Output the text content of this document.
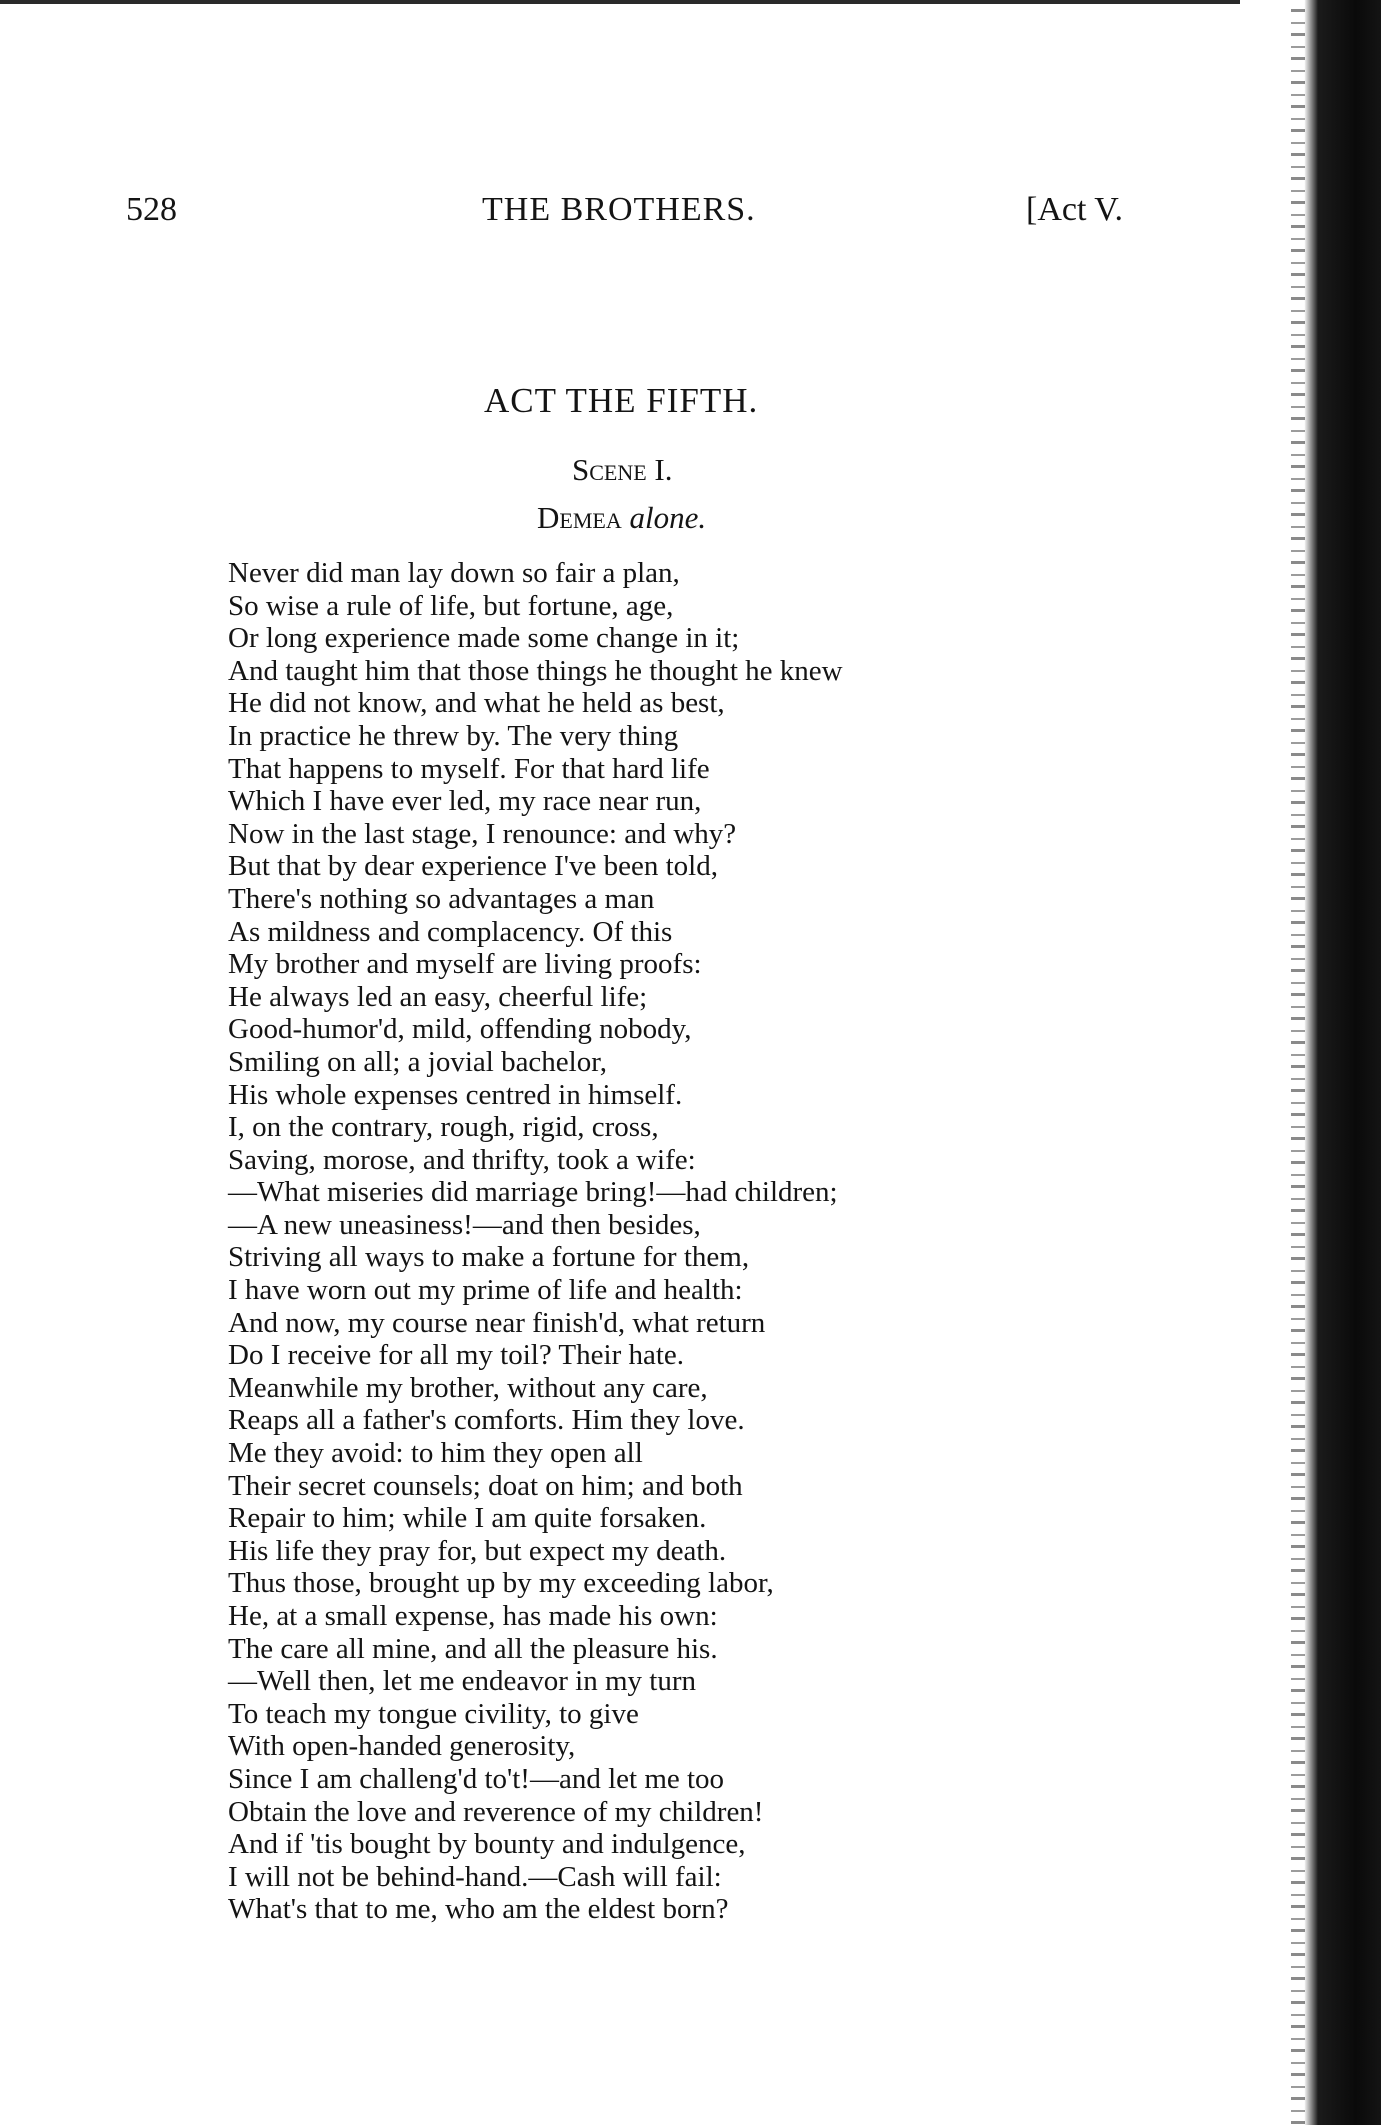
528	THE BROTHERS.	[Act V.
ACT THE FIFTH.
Scene I.
Demea alone.
Never did man lay down so fair a plan,
So wise a rule of life, but fortune, age,
Or long experience made some change in it;
And taught him that those things he thought he knew
He did not know, and what he held as best,
In practice he threw by. The very thing
That happens to myself. For that hard life
Which I have ever led, my race near run,
Now in the last stage, I renounce: and why?
But that by dear experience I've been told,
There's nothing so advantages a man
As mildness and complacency. Of this
My brother and myself are living proofs:
He always led an easy, cheerful life;
Good-humor'd, mild, offending nobody,
Smiling on all; a jovial bachelor,
His whole expenses centred in himself.
I, on the contrary, rough, rigid, cross,
Saving, morose, and thrifty, took a wife:
—What miseries did marriage bring!—had children;
—A new uneasiness!—and then besides,
Striving all ways to make a fortune for them,
I have worn out my prime of life and health:
And now, my course near finish'd, what return
Do I receive for all my toil? Their hate.
Meanwhile my brother, without any care,
Reaps all a father's comforts. Him they love.
Me they avoid: to him they open all
Their secret counsels; doat on him; and both
Repair to him; while I am quite forsaken.
His life they pray for, but expect my death.
Thus those, brought up by my exceeding labor,
He, at a small expense, has made his own:
The care all mine, and all the pleasure his.
—Well then, let me endeavor in my turn
To teach my tongue civility, to give
With open-handed generosity,
Since I am challeng'd to't!—and let me too
Obtain the love and reverence of my children!
And if 'tis bought by bounty and indulgence,
I will not be behind-hand.—Cash will fail:
What's that to me, who am the eldest born?
